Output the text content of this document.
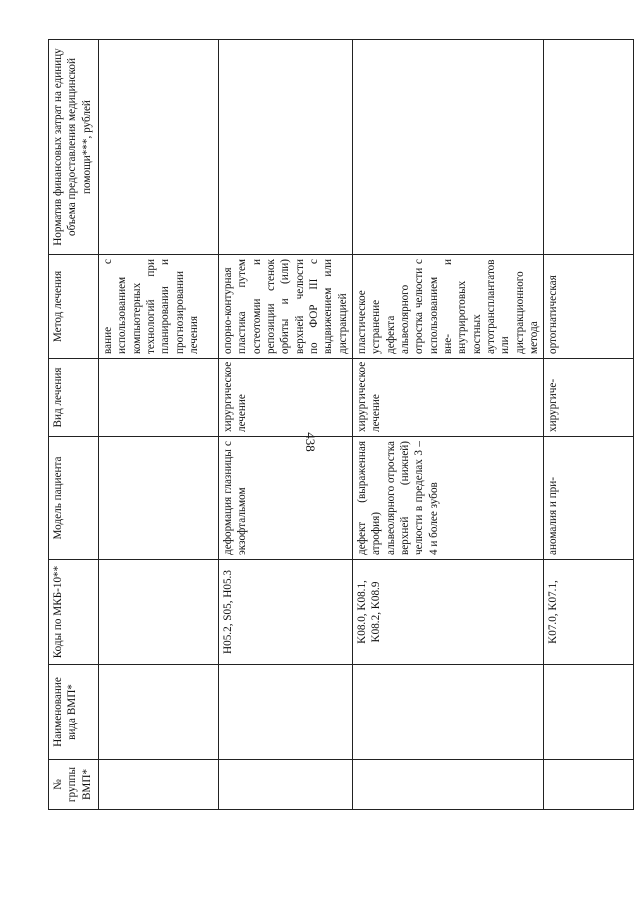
438
№ группы ВМП*	Наименование вида ВМП*	Коды по МКБ-10**	Модель пациента	Вид лечения	Метод лечения	Норматив финансовых затрат на единицу объема предоставления медицинской помощи***, рублей
					вание с использованием компьютерных технологий при планировании и прогнозировании лечения	
		H05.2, S05, H05.3	деформация глазницы с экзофтальмом	хирургическое лечение	опорно-контурная пластика путем остеотомии и репозиции стенок орбиты и (или) верхней челюсти по ФОР III с выдвижением или дистракцией	
		K08.0, K08.1, K08.2, K08.9	дефект (выраженная атрофия) альвеолярного отростка верхней (нижней) челюсти в пределах 3 – 4 и более зубов	хирургическое лечение	пластическое устранение дефекта альвеолярного отростка челюсти с использованием вне- и внутриротовых костных аутотрансплантатов или дистракционного метода	
		K07.0, K07.1,	аномалия и при-	хирургиче-	ортогнатическая	
